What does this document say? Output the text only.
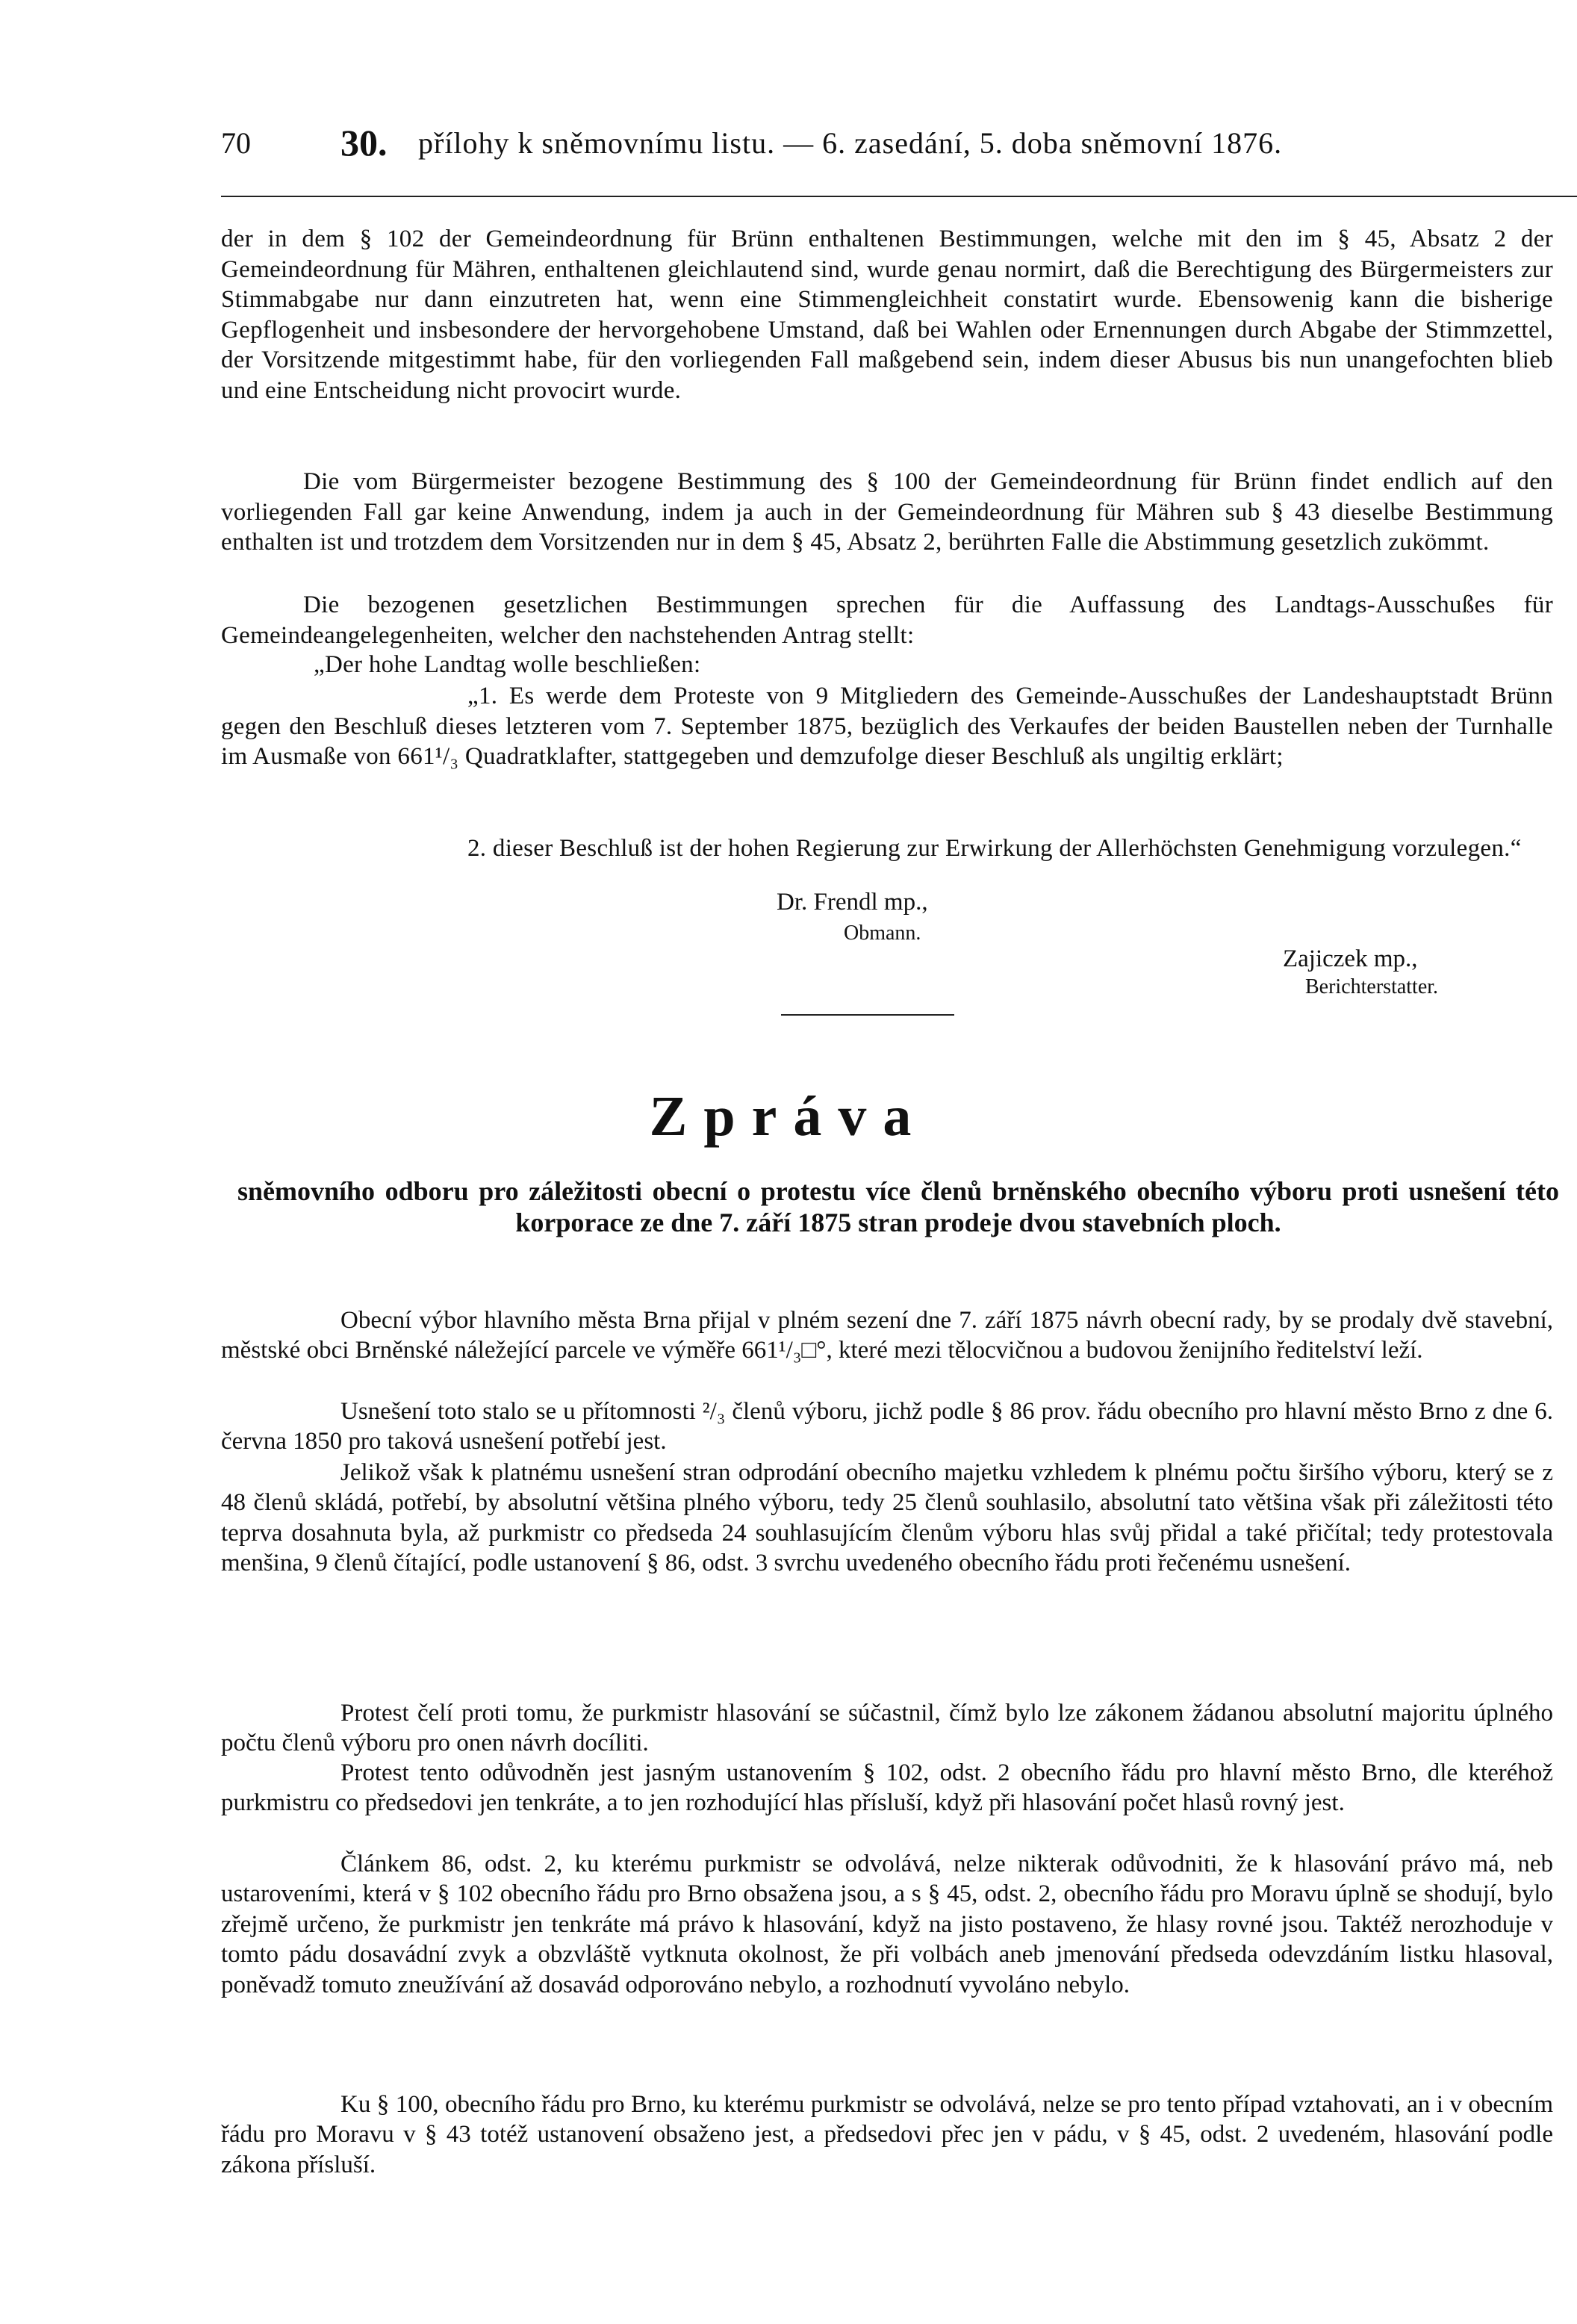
70 30. přílohy k sněmovnímu listu. — 6. zasedání, 5. doba sněmovní 1876.

der in dem § 102 der Gemeindeordnung für Brünn enthaltenen Bestimmungen, welche mit den im § 45, Absatz 2 der Gemeindeordnung für Mähren, enthaltenen gleichlautend sind, wurde genau normirt, daß die Berechtigung des Bürgermeisters zur Stimmabgabe nur dann einzutreten hat, wenn eine Stimmengleichheit constatirt wurde. Ebensowenig kann die bisherige Gepflogenheit und insbesondere der hervorgehobene Umstand, daß bei Wahlen oder Ernennungen durch Abgabe der Stimmzettel, der Vorsitzende mitgestimmt habe, für den vorliegenden Fall maßgebend sein, indem dieser Abusus bis nun unangefochten blieb und eine Entscheidung nicht provocirt wurde.

Die vom Bürgermeister bezogene Bestimmung des § 100 der Gemeindeordnung für Brünn findet endlich auf den vorliegenden Fall gar keine Anwendung, indem ja auch in der Gemeindeordnung für Mähren sub § 43 dieselbe Bestimmung enthalten ist und trotzdem dem Vorsitzenden nur in dem § 45, Absatz 2, berührten Falle die Abstimmung gesetzlich zukömmt.

Die bezogenen gesetzlichen Bestimmungen sprechen für die Auffassung des Landtags-Ausschußes für Gemeindeangelegenheiten, welcher den nachstehenden Antrag stellt:

„Der hohe Landtag wolle beschließen:

„1. Es werde dem Proteste von 9 Mitgliedern des Gemeinde-Ausschußes der Landeshauptstadt Brünn gegen den Beschluß dieses letzteren vom 7. September 1875, bezüglich des Verkaufes der beiden Baustellen neben der Turnhalle im Ausmaße von 661¹/₃ Quadratklafter, stattgegeben und demzufolge dieser Beschluß als ungiltig erklärt;

2. dieser Beschluß ist der hohen Regierung zur Erwirkung der Allerhöchsten Genehmigung vorzulegen.“

Dr. Frendl mp.,
Obmann.
Zajiczek mp.,
Berichterstatter.
Zpráva
sněmovního odboru pro záležitosti obecní o protestu více členů brněnského obecního výboru proti usnešení této korporace ze dne 7. září 1875 stran prodeje dvou stavebních ploch.

Obecní výbor hlavního města Brna přijal v plném sezení dne 7. září 1875 návrh obecní rady, by se prodaly dvě stavební, městské obci Brněnské náležející parcele ve výměře 661¹/₃□°, které mezi tělocvičnou a budovou ženijního ředitelství leží.

Usnešení toto stalo se u přítomnosti ²/₃ členů výboru, jichž podle § 86 prov. řádu obecního pro hlavní město Brno z dne 6. června 1850 pro taková usnešení potřebí jest.

Jelikož však k platnému usnešení stran odprodání obecního majetku vzhledem k plnému počtu širšího výboru, který se z 48 členů skládá, potřebí, by absolutní většina plného výboru, tedy 25 členů souhlasilo, absolutní tato většina však při záležitosti této teprva dosahnuta byla, až purkmistr co předseda 24 souhlasujícím členům výboru hlas svůj přidal a také přičítal; tedy protestovala menšina, 9 členů čítající, podle ustanovení § 86, odst. 3 svrchu uvedeného obecního řádu proti řečenému usnešení.

Protest čelí proti tomu, že purkmistr hlasování se súčastnil, čímž bylo lze zákonem žádanou absolutní majoritu úplného počtu členů výboru pro onen návrh docíliti.

Protest tento odůvodněn jest jasným ustanovením § 102, odst. 2 obecního řádu pro hlavní město Brno, dle kteréhož purkmistru co předsedovi jen tenkráte, a to jen rozhodující hlas přísluší, když při hlasování počet hlasů rovný jest.

Článkem 86, odst. 2, ku kterému purkmistr se odvolává, nelze nikterak odůvodniti, že k hlasování právo má, neb ustaroveními, která v § 102 obecního řádu pro Brno obsažena jsou, a s § 45, odst. 2, obecního řádu pro Moravu úplně se shodují, bylo zřejmě určeno, že purkmistr jen tenkráte má právo k hlasování, když na jisto postaveno, že hlasy rovné jsou. Taktéž nerozhoduje v tomto pádu dosavádní zvyk a obzvláště vytknuta okolnost, že při volbách aneb jmenování předseda odevzdáním listku hlasoval, poněvadž tomuto zneužívání až dosavád odporováno nebylo, a rozhodnutí vyvoláno nebylo.

Ku § 100, obecního řádu pro Brno, ku kterému purkmistr se odvolává, nelze se pro tento případ vztahovati, an i v obecním řádu pro Moravu v § 43 totéž ustanovení obsaženo jest, a předsedovi přec jen v pádu, v § 45, odst. 2 uvedeném, hlasování podle zákona přísluší.
